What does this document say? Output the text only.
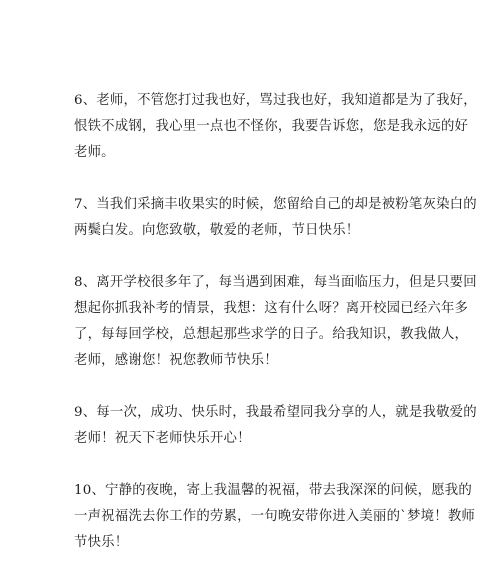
6、老师，不管您打过我也好，骂过我也好，我知道都是为了我好，
恨铁不成钢，我心里一点也不怪你，我要告诉您，您是我永远的好
老师。

7、当我们采摘丰收果实的时候，您留给自己的却是被粉笔灰染白的
两鬓白发。向您致敬，敬爱的老师，节日快乐！

8、离开学校很多年了，每当遇到困难，每当面临压力，但是只要回
想起你抓我补考的情景，我想：这有什么呀？离开校园已经六年多
了，每每回学校，总想起那些求学的日子。给我知识，教我做人，
老师，感谢您！祝您教师节快乐！

9、每一次，成功、快乐时，我最希望同我分享的人，就是我敬爱的
老师！祝天下老师快乐开心！

10、宁静的夜晚，寄上我温馨的祝福，带去我深深的问候，愿我的
一声祝福洗去你工作的劳累，一句晚安带你进入美丽的`梦境！教师
节快乐！
